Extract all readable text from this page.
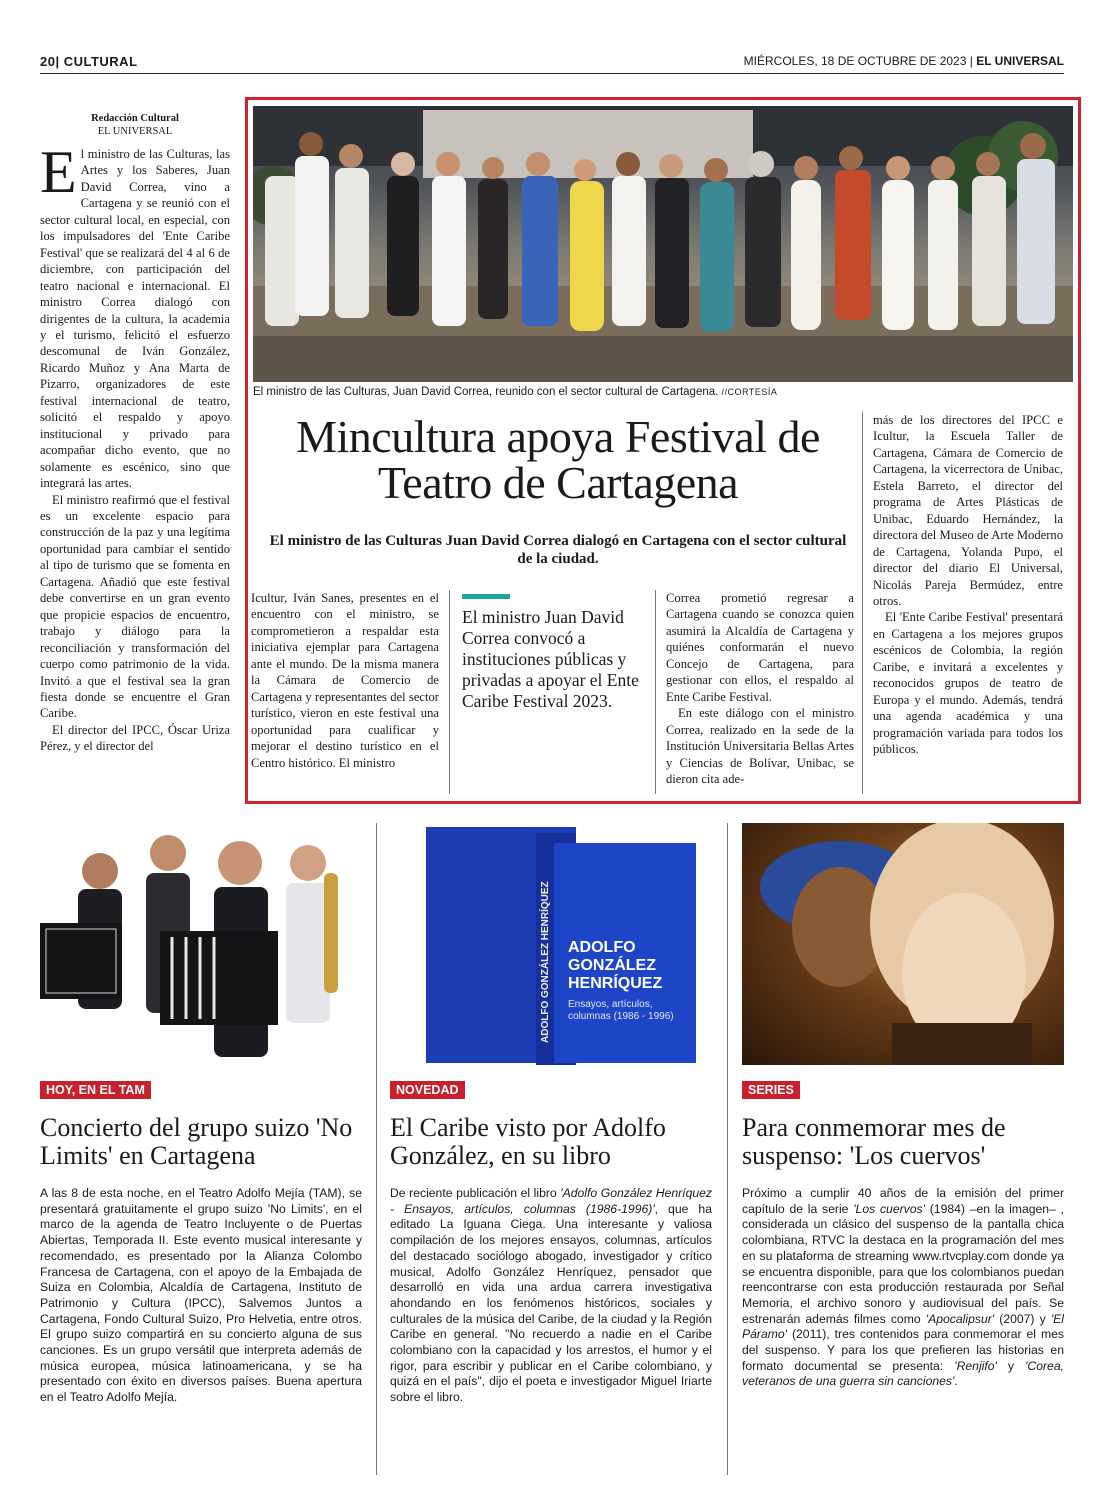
20| CULTURAL	MIÉRCOLES, 18 DE OCTUBRE DE 2023 | EL UNIVERSAL
Redacción Cultural
EL UNIVERSAL

El ministro de las Culturas, las Artes y los Saberes, Juan David Correa, vino a Cartagena y se reunió con el sector cultural local, en especial, con los impulsadores del 'Ente Caribe Festival' que se realizará del 4 al 6 de diciembre, con participación del teatro nacional e internacional. El ministro Correa dialogó con dirigentes de la cultura, la academia y el turismo, felicitó el esfuerzo descomunal de Iván González, Ricardo Muñoz y Ana Marta de Pizarro, organizadores de este festival internacional de teatro, solicitó el respaldo y apoyo institucional y privado para acompañar dicho evento, que no solamente es escénico, sino que integrará las artes.

El ministro reafirmó que el festival es un excelente espacio para construcción de la paz y una legítima oportunidad para cambiar el sentido al tipo de turismo que se fomenta en Cartagena. Añadió que este festival debe convertirse en un gran evento que propicie espacios de encuentro, trabajo y diálogo para la reconciliación y transformación del cuerpo como patrimonio de la vida. Invitó a que el festival sea la gran fiesta donde se encuentre el Gran Caribe.

El director del IPCC, Óscar Uriza Pérez, y el director del

El ministro de las Culturas, Juan David Correa, reunido con el sector cultural de Cartagena. //CORTESÍA
Mincultura apoya Festival de Teatro de Cartagena
El ministro de las Culturas Juan David Correa dialogó en Cartagena con el sector cultural de la ciudad.

Icultur, Iván Sanes, presentes en el encuentro con el ministro, se comprometieron a respaldar esta iniciativa ejemplar para Cartagena ante el mundo. De la misma manera la Cámara de Comercio de Cartagena y representantes del sector turístico, vieron en este festival una oportunidad para cualificar y mejorar el destino turístico en el Centro histórico. El ministro

El ministro Juan David Correa convocó a instituciones públicas y privadas a apoyar el Ente Caribe Festival 2023.

Correa prometió regresar a Cartagena cuando se conozca quien asumirá la Alcaldía de Cartagena y quiénes conformarán el nuevo Concejo de Cartagena, para gestionar con ellos, el respaldo al Ente Caribe Festival.

En este diálogo con el ministro Correa, realizado en la sede de la Institución Universitaria Bellas Artes y Ciencias de Bolívar, Unibac, se dieron cita ade-

más de los directores del IPCC e Icultur, la Escuela Taller de Cartagena, Cámara de Comercio de Cartagena, la vicerrectora de Unibac, Estela Barreto, el director del programa de Artes Plásticas de Unibac, Eduardo Hernández, la directora del Museo de Arte Moderno de Cartagena, Yolanda Pupo, el director del diario El Universal, Nicolás Pareja Bermúdez, entre otros.

El 'Ente Caribe Festival' presentará en Cartagena a los mejores grupos escénicos de Colombia, la región Caribe, e invitará a excelentes y reconocidos grupos de teatro de Europa y el mundo. Además, tendrá una agenda académica y una programación variada para todos los públicos.

ADOLFO GONZÁLEZ HENRÍQUEZ ADOLFO GONZÁLEZ HENRÍQUEZ
Ensayos, artículos, columnas (1986 - 1996)
HOY, EN EL TAM	NOVEDAD	SERIES
Concierto del grupo suizo 'No Limits' en Cartagena
El Caribe visto por Adolfo González, en su libro
Para conmemorar mes de suspenso: 'Los cuervos'
A las 8 de esta noche, en el Teatro Adolfo Mejía (TAM), se presentará gratuitamente el grupo suizo 'No Limits', en el marco de la agenda de Teatro Incluyente o de Puertas Abiertas, Temporada II. Este evento musical interesante y recomendado, es presentado por la Alianza Colombo Francesa de Cartagena, con el apoyo de la Embajada de Suiza en Colombia, Alcaldía de Cartagena, Instituto de Patrimonio y Cultura (IPCC), Salvemos Juntos a Cartagena, Fondo Cultural Suizo, Pro Helvetia, entre otros. El grupo suizo compartirá en su concierto alguna de sus canciones. Es un grupo versátil que interpreta además de música europea, música latinoamericana, y se ha presentado con éxito en diversos países. Buena apertura en el Teatro Adolfo Mejía.
De reciente publicación el libro 'Adolfo González Henríquez - Ensayos, artículos, columnas (1986-1996)', que ha editado La Iguana Ciega. Una interesante y valiosa compilación de los mejores ensayos, columnas, artículos del destacado sociólogo abogado, investigador y crítico musical, Adolfo González Henríquez, pensador que desarrolló en vida una ardua carrera investigativa ahondando en los fenómenos históricos, sociales y culturales de la música del Caribe, de la ciudad y la Región Caribe en general. "No recuerdo a nadie en el Caribe colombiano con la capacidad y los arrestos, el humor y el rigor, para escribir y publicar en el Caribe colombiano, y quizá en el país", dijo el poeta e investigador Miguel Iriarte sobre el libro.
Próximo a cumplir 40 años de la emisión del primer capítulo de la serie 'Los cuervos' (1984) –en la imagen– , considerada un clásico del suspenso de la pantalla chica colombiana, RTVC la destaca en la programación del mes en su plataforma de streaming www.rtvcplay.com donde ya se encuentra disponible, para que los colombianos puedan reencontrarse con esta producción restaurada por Señal Memoria, el archivo sonoro y audiovisual del país. Se estrenarán además filmes como 'Apocalipsur' (2007) y 'El Páramo' (2011), tres contenidos para conmemorar el mes del suspenso. Y para los que prefieren las historias en formato documental se presenta: 'Renjifo' y 'Corea, veteranos de una guerra sin canciones'.
